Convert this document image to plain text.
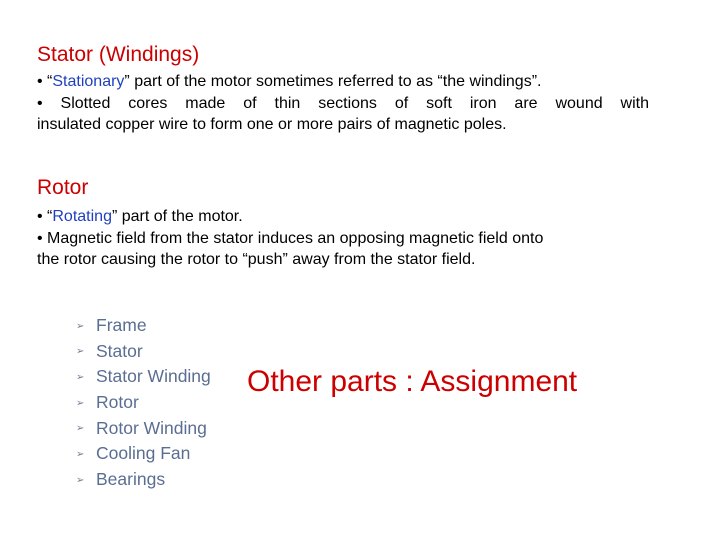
Stator (Windings)
• “Stationary” part of the motor sometimes referred to as “the windings”.
• Slotted cores made of thin sections of soft iron are wound with
insulated copper wire to form one or more pairs of magnetic poles.
Rotor
• “Rotating” part of the motor.
• Magnetic field from the stator induces an opposing magnetic field onto
the rotor causing the rotor to “push” away from the stator field.
➢ Frame
➢ Stator
➢ Stator Winding
➢ Rotor
➢ Rotor Winding
➢ Cooling Fan
➢ Bearings
Other parts : Assignment
